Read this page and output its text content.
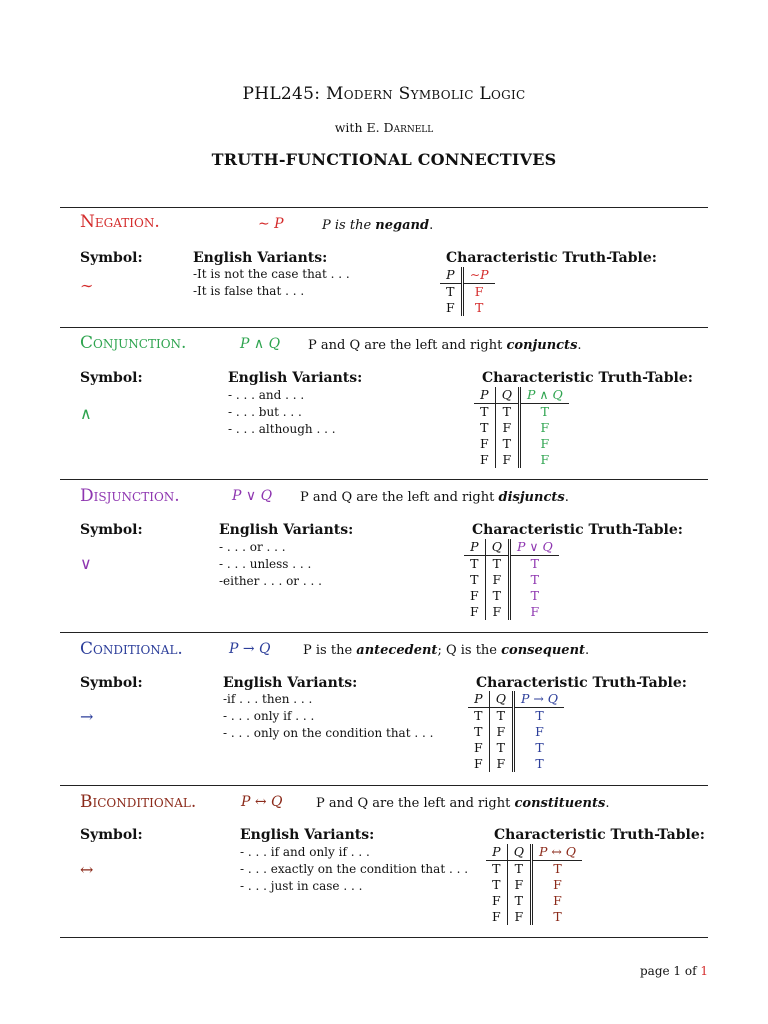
PHL245: Modern Symbolic Logic
with E. Darnell
TRUTH-FUNCTIONAL CONNECTIVES
Negation.	∼ P	P is the negand.
Symbol:	English Variants:	Characteristic Truth-Table:
∼
-It is not the case that . . .
-It is false that . . .
P	∼P
T	F
F	T
Conjunction.	P ∧ Q P and Q are the left and right conjuncts.
Symbol:	English Variants:	Characteristic Truth-Table:
∧
- . . . and . . .
- . . . but . . .
- . . . although . . .
P	Q	P ∧ Q
T	T	T
T	F	F
F	T	F
F	F	F
Disjunction.	P ∨ Q P and Q are the left and right disjuncts.
Symbol:	English Variants:	Characteristic Truth-Table:
∨
- . . . or . . .
- . . . unless . . .
-either . . . or . . .
P	Q	P ∨ Q
T	T	T
T	F	T
F	T	T
F	F	F
Conditional.	P → Q P is the antecedent; Q is the consequent.
Symbol:	English Variants:	Characteristic Truth-Table:
→
-if . . . then . . .
- . . . only if . . .
- . . . only on the condition that . . .
P	Q	P → Q
T	T	T
T	F	F
F	T	T
F	F	T
Biconditional.	P ↔ Q	P and Q are the left and right constituents.
Symbol:	English Variants:	Characteristic Truth-Table:
↔
- . . . if and only if . . .
- . . . exactly on the condition that . . .
- . . . just in case . . .
P	Q	P ↔ Q
T	T	T
T	F	F
F	T	F
F	F	T
page 1 of 1
